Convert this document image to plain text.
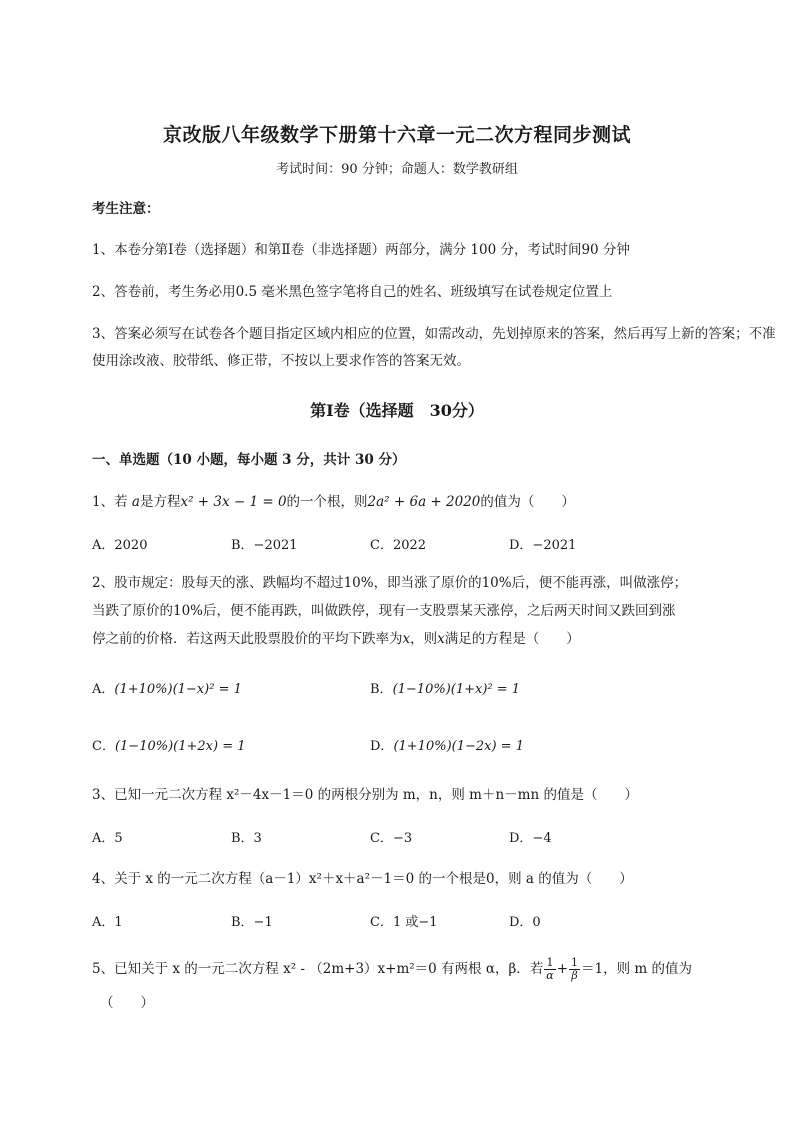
京改版八年级数学下册第十六章一元二次方程同步测试
考试时间：90 分钟；命题人：数学教研组
考生注意：
1、本卷分第Ⅰ卷（选择题）和第Ⅱ卷（非选择题）两部分，满分 100 分，考试时间90 分钟
2、答卷前，考生务必用0.5 毫米黑色签字笔将自己的姓名、班级填写在试卷规定位置上
3、答案必须写在试卷各个题目指定区域内相应的位置，如需改动，先划掉原来的答案，然后再写上新的答案；不准使用涂改液、胶带纸、修正带，不按以上要求作答的答案无效。
第Ⅰ卷（选择题　30分）
一、单选题（10 小题，每小题 3 分，共计 30 分）
1、若 a是方程x² + 3x − 1 = 0的一个根，则2a² + 6a + 2020的值为（　　）
A．2020	B．−2021	C．2022	D．−2021
2、股市规定：股每天的涨、跌幅均不超过10%，即当涨了原价的10%后，便不能再涨，叫做涨停；
当跌了原价的10%后，便不能再跌，叫做跌停，现有一支股票某天涨停，之后两天时间又跌回到涨
停之前的价格．若这两天此股票股价的平均下跌率为x，则x满足的方程是（　　）
A．(1+10%)(1−x)² = 1	B．(1−10%)(1+x)² = 1
C．(1−10%)(1+2x) = 1	D．(1+10%)(1−2x) = 1
3、已知一元二次方程 x²－4x－1＝0 的两根分别为 m，n，则 m＋n－mn 的值是（　　）
A．5	B．3	C．−3	D．−4
4、关于 x 的一元二次方程（a－1）x²＋x＋a²－1＝0 的一个根是0，则 a 的值为（　　）
A．1	B．−1	C．1 或−1	D．0
5、已知关于 x 的一元二次方程 x² - （2m+3）x+m²＝0 有两根 α，β．若 $\frac{1}{\alpha} + \frac{1}{\beta} =1$，则 m 的值为
（　　）
